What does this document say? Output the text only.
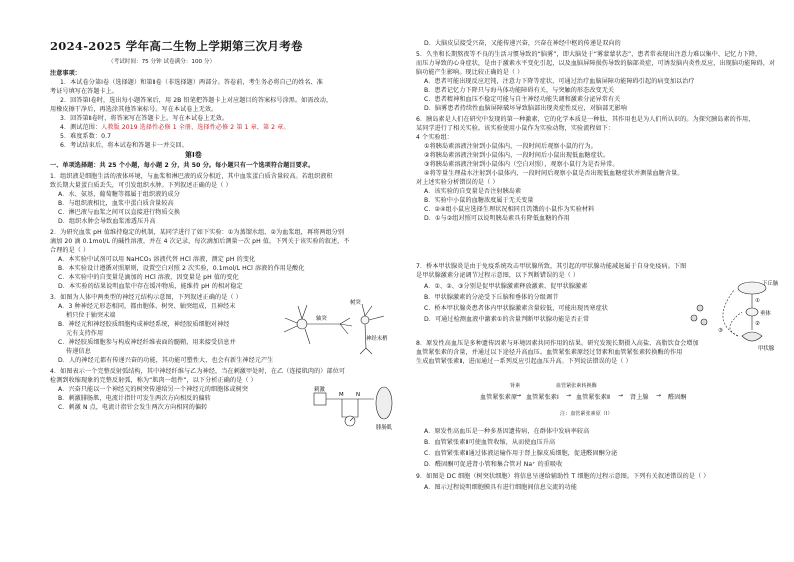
2024-2025 学年高二生物上学期第三次月考卷
（考试时间：75 分钟 试卷满分：100 分）
注意事项：
1．本试卷分第Ⅰ卷（选择题）和第Ⅱ卷（非选择题）两部分。答卷前，考生务必将自己的姓名、准
考证号填写在答题卡上。
2．回答第Ⅰ卷时，选出每小题答案后，用 2B 铅笔把答题卡上对应题目的答案标号涂黑。如需改动，
用橡皮擦干净后，再选涂其他答案标号。写在本试卷上无效。
3．回答第Ⅱ卷时，将答案写在答题卡上。写在本试卷上无效。
4．测试范围：人教版 2019 选择性必修 1 全册、选择性必修 2 第 1 章、第 2 章。
5．难度系数：0.7
6．考试结束后，将本试卷和答题卡一并交回。
第Ⅰ卷
一、单项选择题：共 25 个小题，每小题 2 分，共 50 分。每小题只有一个选项符合题目要求。
1．组织液是细胞生活的液体环境，与血浆和淋巴液的成分相近，其中血浆蛋白质含量较高。若组织液积
致长期大量蛋白质丢失，可引发组织水肿。下列叙述正确的是（ ）
A．水、氨基、葡萄糖等都属于组织液的成分
B．与组织液相比，血浆中蛋白质含量较高
C．淋巴液与血浆之间可以直接进行物质交换
D．组织水肿会导致血浆渗透压升高
2．为研究血浆 pH 值维持稳定的机制，某同学进行了如下实验：①为蒸馏水组、②为血浆组，再将两组分别
滴加 20 滴 0.1mol/L 的碱性溶液，并在 4 次记录，每次滴加后测量一次 pH 值，下列关于该实验的叙述，不
合理的是（ ）
A．本实验中试剂可以用 NaHCO₃ 溶液代替 HCl 溶液，测定 pH 的变化
B．本实验设计遵循对照原则，设置空白对照 2 次实验，0.1mol/L HCl 溶液的作用是酸化
C．本实验中的自变量是滴加的 HCl 溶液，因变量是 pH 值的变化
D．本实验的结果说明血浆中存在缓冲物质，能维持 pH 的相对稳定
3．如图为人体中两类型的神经元结构示意图，下列叙述正确的是（ ）
A．3 种神经元形态相同，都由胞体、树突、轴突组成，且神经末
梢只位于轴突末端
B．神经元和神经胶质细胞构成神经系统，神经胶质细胞对神经
元有支持作用
C．神经胶质细胞参与构成神经纤维表面的髓鞘，用来接受信息并
传递信息
D．人的神经元都有传递兴奋的功能，其功能可塑性大，也会有新生神经元产生
树突
轴突
神经末梢
4．如图表示一个完整反射弧结构，其中神经纤维与乙为神经，当在刺激甲处时，在乙（连接肌肉的）部位可
检测到收缩现象的完整反射弧，称为“肌肉一组件”，以下分析正确的是（ ）
A．兴奋只能以一个神经元的树突传递给另一个神经元的细胞体或树突
B．刺激腓肠肌，电流计指针可发生两次方向相反的偏转
C．刺激 N 点，电流计指针会发生两次方向相同的偏转
刺激
M N
腓肠肌
D．大脑皮层接受兴奋，又能传递兴奋，兴奋在神经中枢的传递是双向的
5．久坐和长期熬夜等不良的生活习惯导致的“脑雾”，即大脑处于“雾蒙蒙状态”，患者常表现出注意力难以集中、记忆力下降，
而压力导致的心身症状，是由于激素水平变化引起，以及血脑屏障损伤导致的脑部炎症，可诱发脑内炎性反应，出现脑功能障碍，对
脑功能产生影响。现比较正确的是（ ）
A．患者可能出现反应迟钝，注意力下降等症状，可通过治疗血脑屏障功能障碍引起的病变加以治疗
B．患者记忆力下降只与海马体功能障碍有关，与突触的形态改变无关
C．患者精神和血压不稳定可能与自主神经功能失调和激素分泌异常有关
D．脑雾患者持续性血脑屏障破坏导致脑部出现炎症性反应，对脑部无影响
6．胰岛素是人们在研究中发现的第一种激素，它的化学本质是一种肽，其作用也是为人们所认识的。为探究胰岛素的作用，
某同学进行了相关实验。该实验使用小鼠作为实验动物，实验流程如下：
4 个实验组：
①将胰岛素溶液注射到小鼠体内，一段时间后观察小鼠的行为。
②将胰岛素溶液注射到小鼠体内，一段时间后小鼠出现低血糖症状。
③将胰岛素溶液注射到小鼠体内（空白对照），观察小鼠行为是否异常。
④将等量生理盐水注射到小鼠体内，一段时间后观察小鼠是否出现低血糖症状并测量血糖含量。
对上述实验分析错误的是（ ）
A．该实验的自变量是否注射胰岛素
B．实验中小鼠的血糖浓度属于无关变量
C．②④组小鼠应选择生理状况相同且饥饿的小鼠作为实验材料
D．①与②组对照可以说明胰岛素具有降低血糖的作用
7．桥本甲状腺炎是由于免疫系统攻击甲状腺所致，其引起的甲状腺功能减退属于自身免疫病。下图
是甲状腺激素分泌调节过程示意图，以下判断错误的是（ ）
A．①、②、③分别是促甲状腺激素释放激素、促甲状腺激素
B．甲状腺激素的分泌受下丘脑和垂体的分级调节
C．桥本甲状腺炎患者体内甲状腺激素含量较低，可能出现畏寒症状
D．可通过检测血液中激素①的含量判断甲状腺功能是否正常
下丘脑
垂体
甲状腺
①
②
③
8．原发性高血压是多种遗传因素与环境因素共同作用的结果。研究发现长期摄入高盐、高脂饮食会增加
血管紧张素的含量，并通过以下途径升高血压。血管紧张素原经过肾素和血管紧张素转换酶的作用
生成血管紧张素Ⅱ，进而通过一系列反应引起血压升高。下列说法错误的是（ ）
血管紧张素原
肾素
→ 血管紧张素Ⅰ
血管紧张素转换酶
→ 血管紧张素Ⅱ → 肾上腺 → 醛固酮
注：血管紧张素原（Ⅰ）
A．原发性高血压是一种多基因遗传病，在群体中发病率较高
B．血管紧张素Ⅱ可使血管收缩，从而使血压升高
C．血管紧张素Ⅱ通过体液运输作用于肾上腺皮质细胞，促进醛固酮分泌
D．醛固酮可促进肾小管和集合管对 Na⁺ 的重吸收
9．如图是 DC 细胞（树突状细胞）将信息呈递给辅助性 T 细胞的过程示意图。下列有关叙述错误的是（ ）
A．图示过程说明细胞膜具有进行细胞间信息交流的功能
